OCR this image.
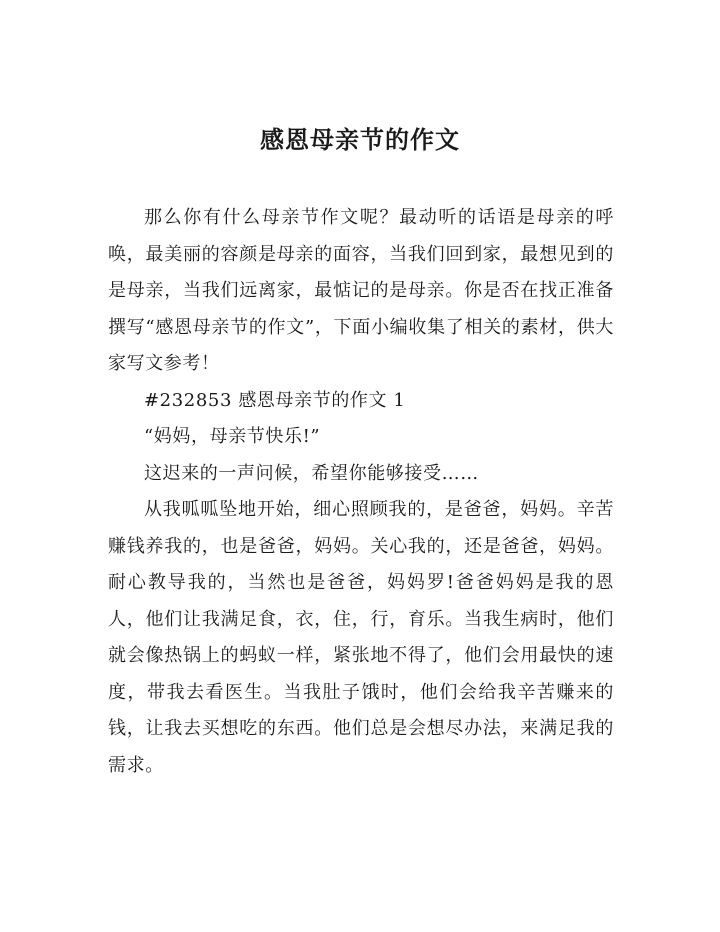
感恩母亲节的作文

那么你有什么母亲节作文呢？最动听的话语是母亲的呼唤，最美丽的容颜是母亲的面容，当我们回到家，最想见到的是母亲，当我们远离家，最惦记的是母亲。你是否在找正准备撰写“感恩母亲节的作文”，下面小编收集了相关的素材，供大家写文参考！

#232853 感恩母亲节的作文 1

“妈妈，母亲节快乐!”

这迟来的一声问候，希望你能够接受……

从我呱呱坠地开始，细心照顾我的，是爸爸，妈妈。辛苦赚钱养我的，也是爸爸，妈妈。关心我的，还是爸爸，妈妈。耐心教导我的，当然也是爸爸，妈妈罗!爸爸妈妈是我的恩人，他们让我满足食，衣，住，行，育乐。当我生病时，他们就会像热锅上的蚂蚁一样，紧张地不得了，他们会用最快的速度，带我去看医生。当我肚子饿时，他们会给我辛苦赚来的钱，让我去买想吃的东西。他们总是会想尽办法，来满足我的需求。
